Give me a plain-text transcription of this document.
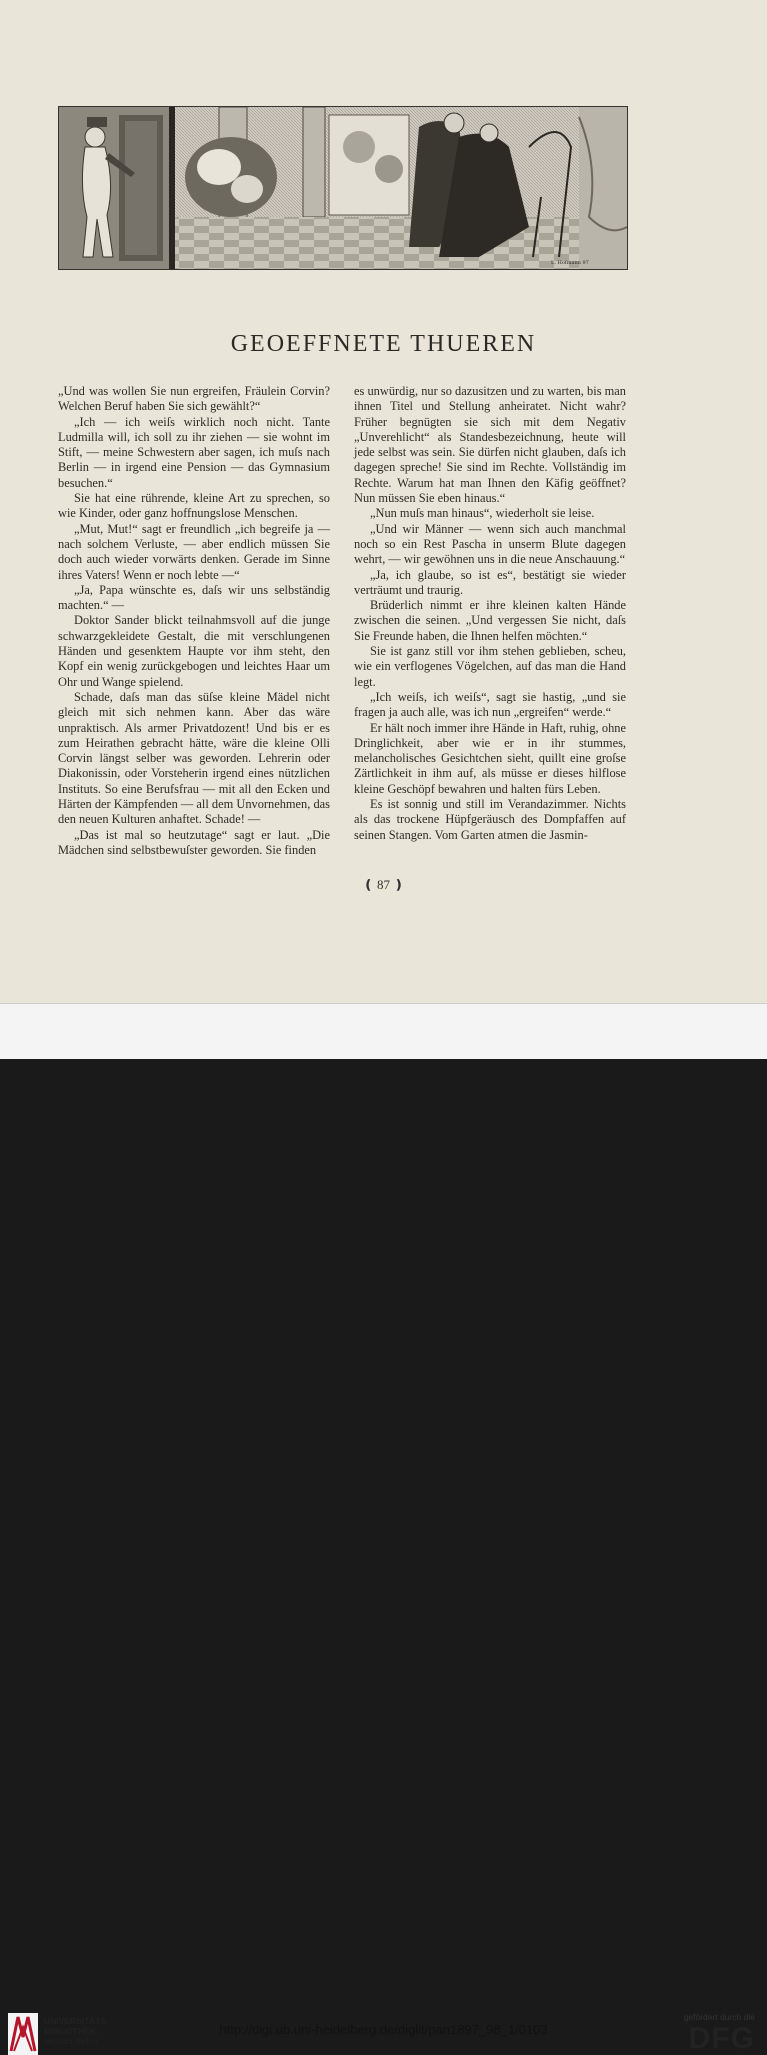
L. Hofmann 97
GEOEFFNETE THUEREN

„Und was wollen Sie nun ergreifen, Fräulein Corvin? Welchen Beruf haben Sie sich gewählt?“

„Ich — ich weiſs wirklich noch nicht. Tante Ludmilla will, ich soll zu ihr ziehen — sie wohnt im Stift, — meine Schwestern aber sagen, ich muſs nach Berlin — in irgend eine Pension — das Gymnasium besuchen.“

Sie hat eine rührende, kleine Art zu sprechen, so wie Kinder, oder ganz hoffnungslose Menschen.

„Mut, Mut!“ sagt er freundlich „ich begreife ja — nach solchem Verluste, — aber endlich müssen Sie doch auch wieder vorwärts denken. Gerade im Sinne ihres Vaters! Wenn er noch lebte —“

„Ja, Papa wünschte es, daſs wir uns selbständig machten.“ —

Doktor Sander blickt teilnahmsvoll auf die junge schwarzgekleidete Gestalt, die mit verschlungenen Händen und gesenktem Haupte vor ihm steht, den Kopf ein wenig zurückgebogen und leichtes Haar um Ohr und Wange spielend.

Schade, daſs man das süſse kleine Mädel nicht gleich mit sich nehmen kann. Aber das wäre unpraktisch. Als armer Privatdozent! Und bis er es zum Heirathen gebracht hätte, wäre die kleine Olli Corvin längst selber was geworden. Lehrerin oder Diakonissin, oder Vorsteherin irgend eines nützlichen Instituts. So eine Berufsfrau — mit all den Ecken und Härten der Kämpfenden — all dem Unvornehmen, das den neuen Kulturen anhaftet. Schade! —

„Das ist mal so heutzutage“ sagt er laut. „Die Mädchen sind selbstbewuſster geworden. Sie finden

es unwürdig, nur so dazusitzen und zu warten, bis man ihnen Titel und Stellung anheiratet. Nicht wahr? Früher begnügten sie sich mit dem Negativ „Unverehlicht“ als Standesbezeichnung, heute will jede selbst was sein. Sie dürfen nicht glauben, daſs ich dagegen spreche! Sie sind im Rechte. Vollständig im Rechte. Warum hat man Ihnen den Käfig geöffnet? Nun müssen Sie eben hinaus.“

„Nun muſs man hinaus“, wiederholt sie leise.

„Und wir Männer — wenn sich auch manchmal noch so ein Rest Pascha in unserm Blute dagegen wehrt, — wir gewöhnen uns in die neue Anschauung.“

„Ja, ich glaube, so ist es“, bestätigt sie wieder verträumt und traurig.

Brüderlich nimmt er ihre kleinen kalten Hände zwischen die seinen. „Und vergessen Sie nicht, daſs Sie Freunde haben, die Ihnen helfen möchten.“

Sie ist ganz still vor ihm stehen geblieben, scheu, wie ein verflogenes Vögelchen, auf das man die Hand legt.

„Ich weiſs, ich weiſs“, sagt sie hastig, „und sie fragen ja auch alle, was ich nun „ergreifen“ werde.“

Er hält noch immer ihre Hände in Haft, ruhig, ohne Dringlichkeit, aber wie er in ihr stummes, melancholisches Gesichtchen sieht, quillt eine groſse Zärtlichkeit in ihm auf, als müsse er dieses hilflose kleine Geschöpf bewahren und halten fürs Leben.

Es ist sonnig und still im Verandazimmer. Nichts als das trockene Hüpfgeräusch des Dompfaffen auf seinen Stangen. Vom Garten atmen die Jasmin-

❪ 87 ❫
UNIVERSITÄTS-
BIBLIOTHEK
HEIDELBERG
http://digi.ub.uni-heidelberg.de/diglit/pan1897_98_1/0103
gefördert durch die
DFG
